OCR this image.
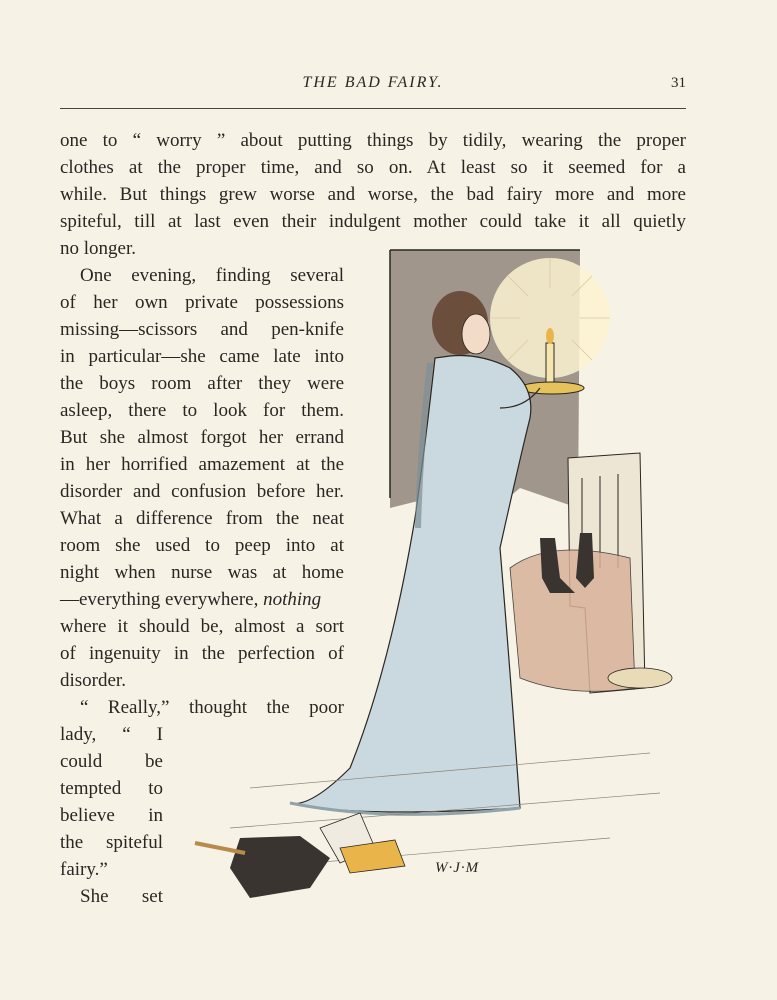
THE BAD FAIRY.	31
one to “ worry ” about putting things by tidily, wearing the proper
clothes at the proper time, and so on. At least so it seemed for a
while. But things grew worse and worse, the bad fairy more and more
spiteful, till at last even their indulgent mother could take it all quietly
no longer.
One evening, finding several
of her own private possessions
missing—scissors and pen-knife
in particular—she came late into
the boys room after they were
asleep, there to look for them.
But she almost forgot her errand
in her horrified amazement at the
disorder and confusion before her.
What a difference from the neat
room she used to peep into at
night when nurse was at home
—everything everywhere, nothing
where it should be, almost a sort
of ingenuity in the perfection of
disorder.
“ Really,” thought the poor
lady, “ I
could be
tempted to
believe in
the spiteful
fairy.”
She set
W·J·M
